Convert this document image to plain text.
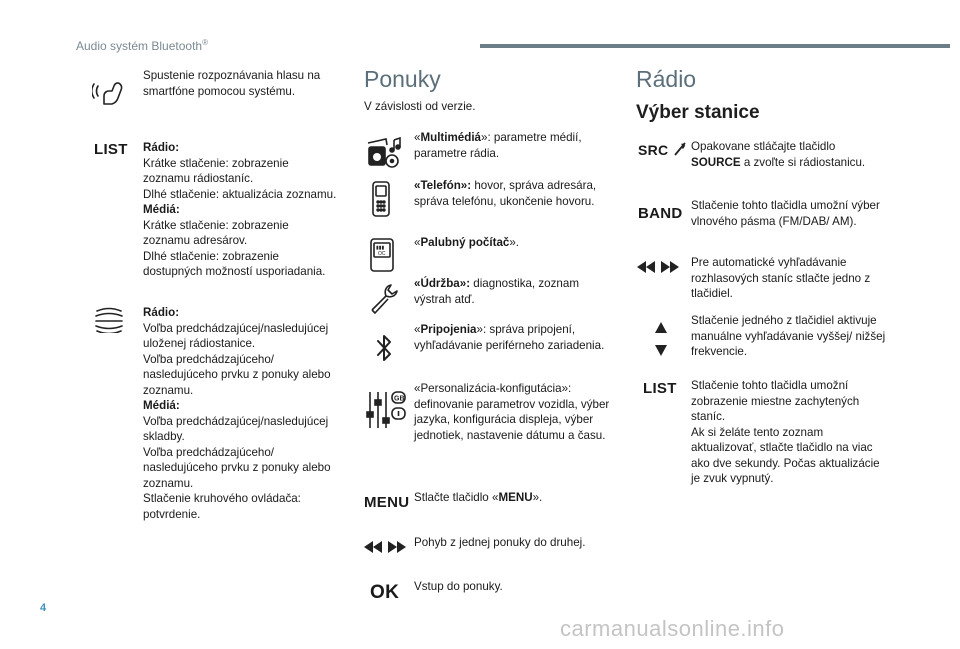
Audio systém Bluetooth®
Spustenie rozpoznávania hlasu na smartfóne pomocou systému.
LIST Rádio:
Krátke stlačenie: zobrazenie zoznamu rádiostaníc.
Dlhé stlačenie: aktualizácia zoznamu.
Médiá:
Krátke stlačenie: zobrazenie zoznamu adresárov.
Dlhé stlačenie: zobrazenie dostupných možností usporiadania.
Rádio:
Voľba predchádzajúcej/nasledujúcej uloženej rádiostanice.
Voľba predchádzajúceho/ nasledujúceho prvku z ponuky alebo zoznamu.
Médiá:
Voľba predchádzajúcej/nasledujúcej skladby.
Voľba predchádzajúceho/ nasledujúceho prvku z ponuky alebo zoznamu.
Stlačenie kruhového ovládača: potvrdenie.
Ponuky
V závislosti od verzie.
«Multimédiá»: parametre médií, parametre rádia.
«Telefón»: hovor, správa adresára, správa telefónu, ukončenie hovoru.
▮▮▮
OC
«Palubný počítač».
«Údržba»: diagnostika, zoznam výstrah atď.
«Pripojenia»: správa pripojení, vyhľadávanie periférneho zariadenia.
GB
«Personalizácia-konfigutácia»: definovanie parametrov vozidla, výber jazyka, konfigurácia displeja, výber jednotiek, nastavenie dátumu a času.
MENU Stlačte tlačidlo «MENU».
Pohyb z jednej ponuky do druhej.
OK Vstup do ponuky.
Rádio
Výber stanice
SRC	Opakovane stláčajte tlačidlo SOURCE a zvoľte si rádiostanicu.
BAND Stlačenie tohto tlačidla umožní výber vlnového pásma (FM/DAB/ AM).
Pre automatické vyhľadávanie rozhlasových staníc stlačte jedno z tlačidiel.
Stlačenie jedného z tlačidiel aktivuje manuálne vyhľadávanie vyššej/ nižšej frekvencie.
LIST Stlačenie tohto tlačidla umožní zobrazenie miestne zachytených staníc.
Ak si želáte tento zoznam aktualizovať, stlačte tlačidlo na viac ako dve sekundy. Počas aktualizácie je zvuk vypnutý.
4
carmanualsonline.info
